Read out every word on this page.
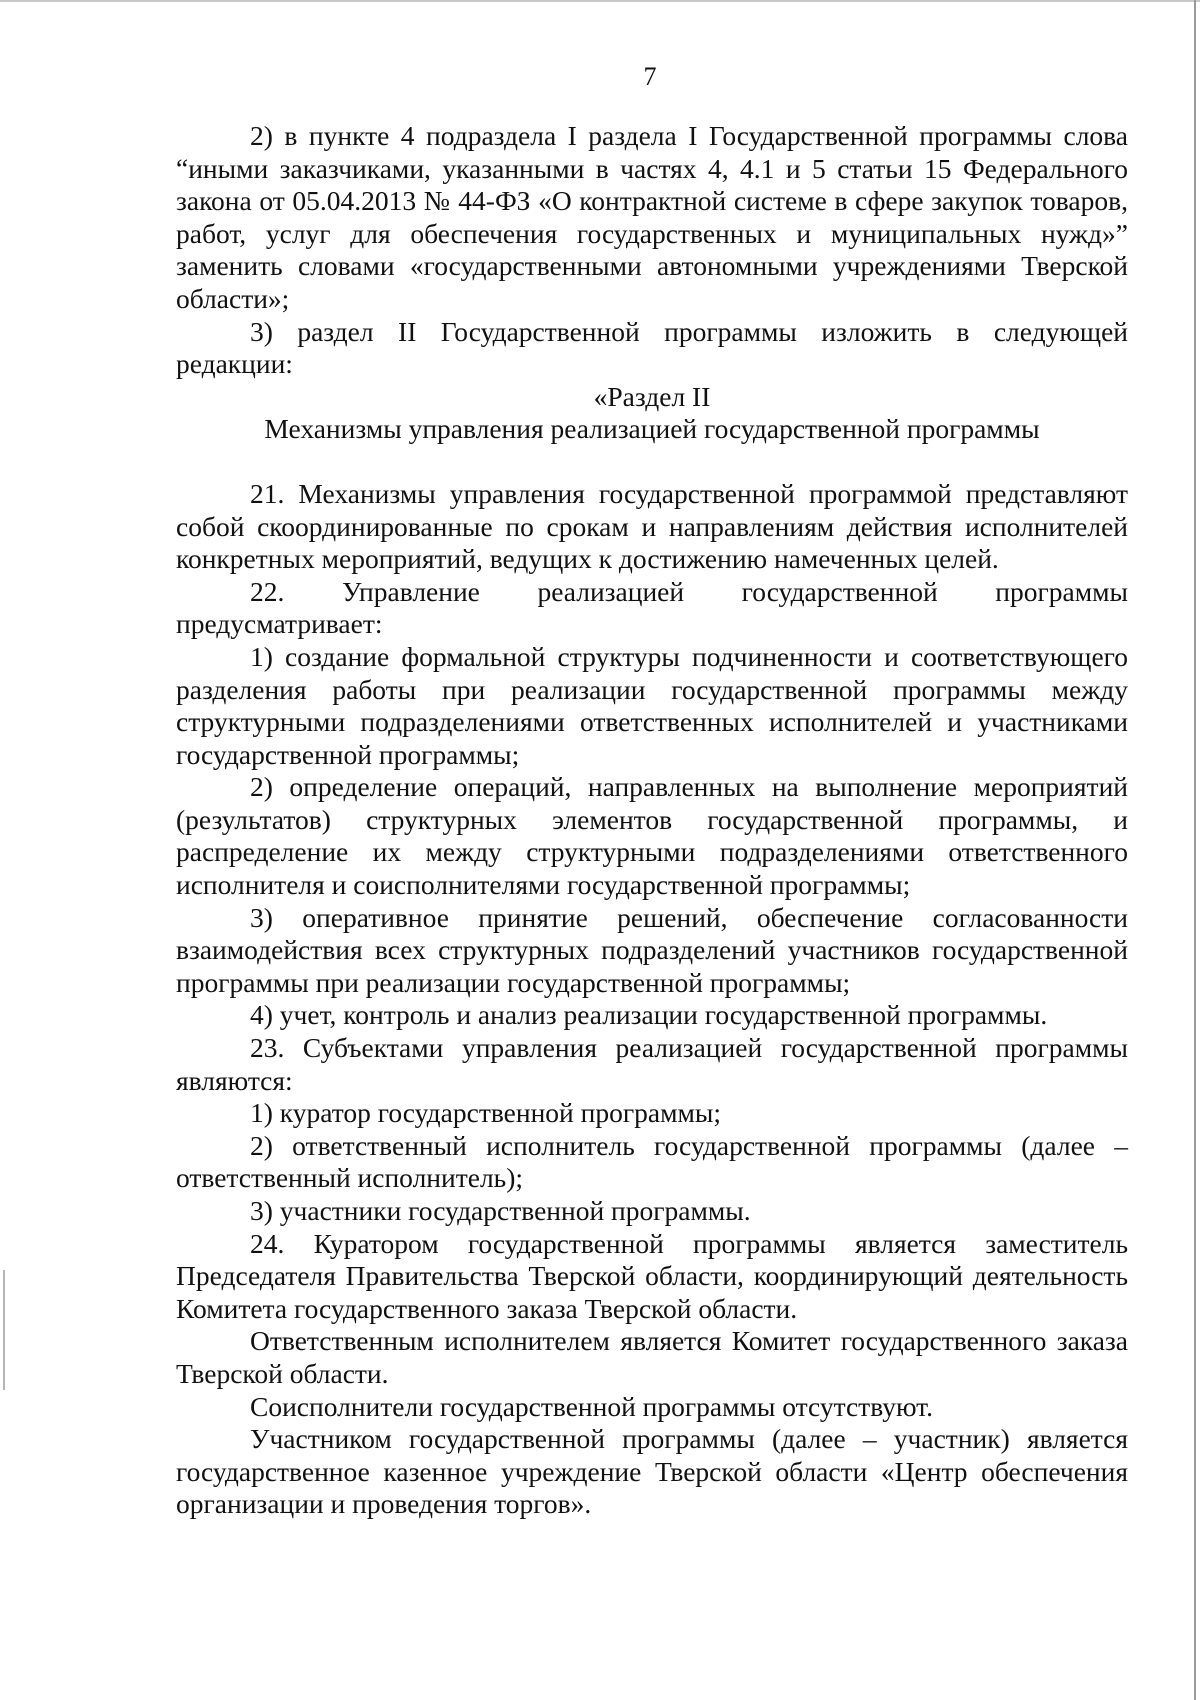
7

2) в пункте 4 подраздела I раздела I Государственной программы слова “иными заказчиками, указанными в частях 4, 4.1 и 5 статьи 15 Федерального закона от 05.04.2013 № 44-ФЗ «О контрактной системе в сфере закупок товаров, работ, услуг для обеспечения государственных и муниципальных нужд»” заменить словами «государственными автономными учреждениями Тверской области»;

3) раздел II Государственной программы изложить в следующей редакции:

«Раздел II

Механизмы управления реализацией государственной программы

21. Механизмы управления государственной программой представляют собой скоординированные по срокам и направлениям действия исполнителей конкретных мероприятий, ведущих к достижению намеченных целей.

22. Управление реализацией государственной программы предусматривает:

1) создание формальной структуры подчиненности и соответствующего разделения работы при реализации государственной программы между структурными подразделениями ответственных исполнителей и участниками государственной программы;

2) определение операций, направленных на выполнение мероприятий (результатов) структурных элементов государственной программы, и распределение их между структурными подразделениями ответственного исполнителя и соисполнителями государственной программы;

3) оперативное принятие решений, обеспечение согласованности взаимодействия всех структурных подразделений участников государственной программы при реализации государственной программы;

4) учет, контроль и анализ реализации государственной программы.

23. Субъектами управления реализацией государственной программы являются:

1) куратор государственной программы;

2) ответственный исполнитель государственной программы (далее – ответственный исполнитель);

3) участники государственной программы.

24. Куратором государственной программы является заместитель Председателя Правительства Тверской области, координирующий деятельность Комитета государственного заказа Тверской области.

Ответственным исполнителем является Комитет государственного заказа Тверской области.

Соисполнители государственной программы отсутствуют.

Участником государственной программы (далее – участник) является государственное казенное учреждение Тверской области «Центр обеспечения организации и проведения торгов».
